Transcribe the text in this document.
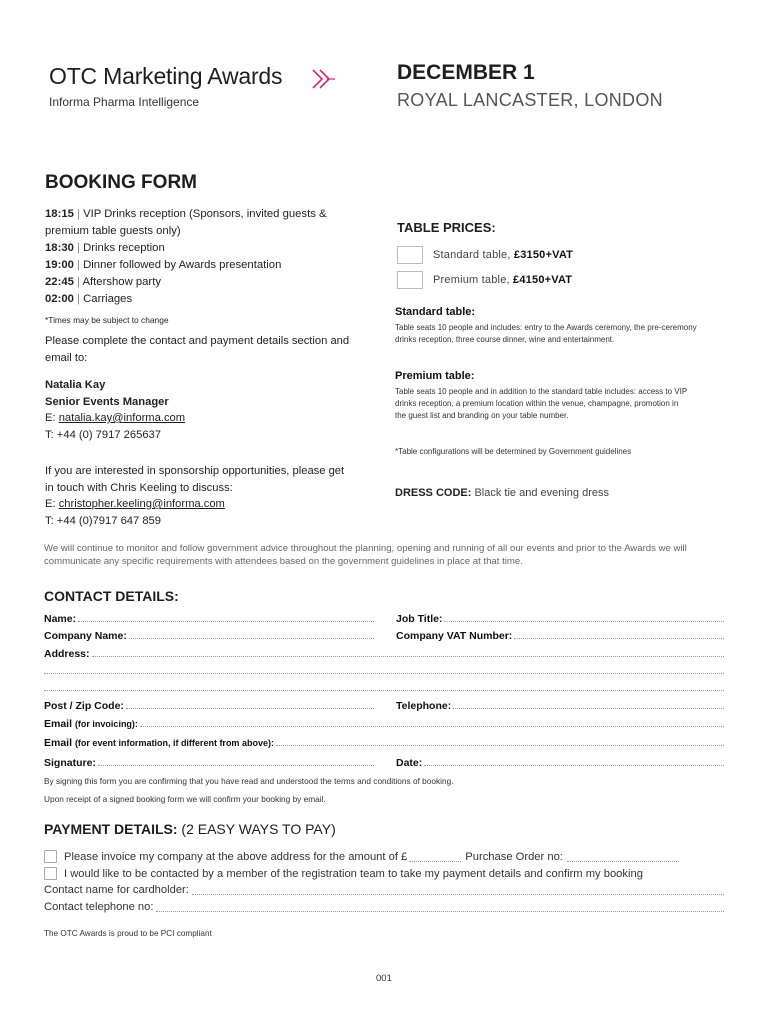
OTC Marketing Awards
Informa Pharma Intelligence
DECEMBER 1
ROYAL LANCASTER, LONDON
BOOKING FORM
18:15 | VIP Drinks reception (Sponsors, invited guests & premium table guests only)
18:30 | Drinks reception
19:00 | Dinner followed by Awards presentation
22:45 | Aftershow party
02:00 | Carriages
*Times may be subject to change
Please complete the contact and payment details section and email to:
Natalia Kay
Senior Events Manager
E: natalia.kay@informa.com
T: +44 (0) 7917 265637
If you are interested in sponsorship opportunities, please get in touch with Chris Keeling to discuss:
E: christopher.keeling@informa.com
T: +44 (0)7917 647 859
TABLE PRICES:
Standard table, £3150+VAT
Premium table, £4150+VAT
Standard table:
Table seats 10 people and includes: entry to the Awards ceremony, the pre-ceremony drinks reception, three course dinner, wine and entertainment.
Premium table:
Table seats 10 people and in addition to the standard table includes: access to VIP drinks reception, a premium location within the venue, champagne, promotion in the guest list and branding on your table number.
*Table configurations will be determined by Government guidelines
DRESS CODE: Black tie and evening dress
We will continue to monitor and follow government advice throughout the planning, opening and running of all our events and prior to the Awards we will communicate any specific requirements with attendees based on the government guidelines in place at that time.
CONTACT DETAILS:
Name:	Job Title:
Company Name:	Company VAT Number:
Address:
Post / Zip Code:	Telephone:
Email (for invoicing):
Email (for event information, if different from above):
Signature:	Date:
By signing this form you are confirming that you have read and understood the terms and conditions of booking.
Upon receipt of a signed booking form we will confirm your booking by email.
PAYMENT DETAILS: (2 EASY WAYS TO PAY)
Please invoice my company at the above address for the amount of £	Purchase Order no:
I would like to be contacted by a member of the registration team to take my payment details and confirm my booking
Contact name for cardholder:
Contact telephone no:
The OTC Awards is proud to be PCI compliant
001
